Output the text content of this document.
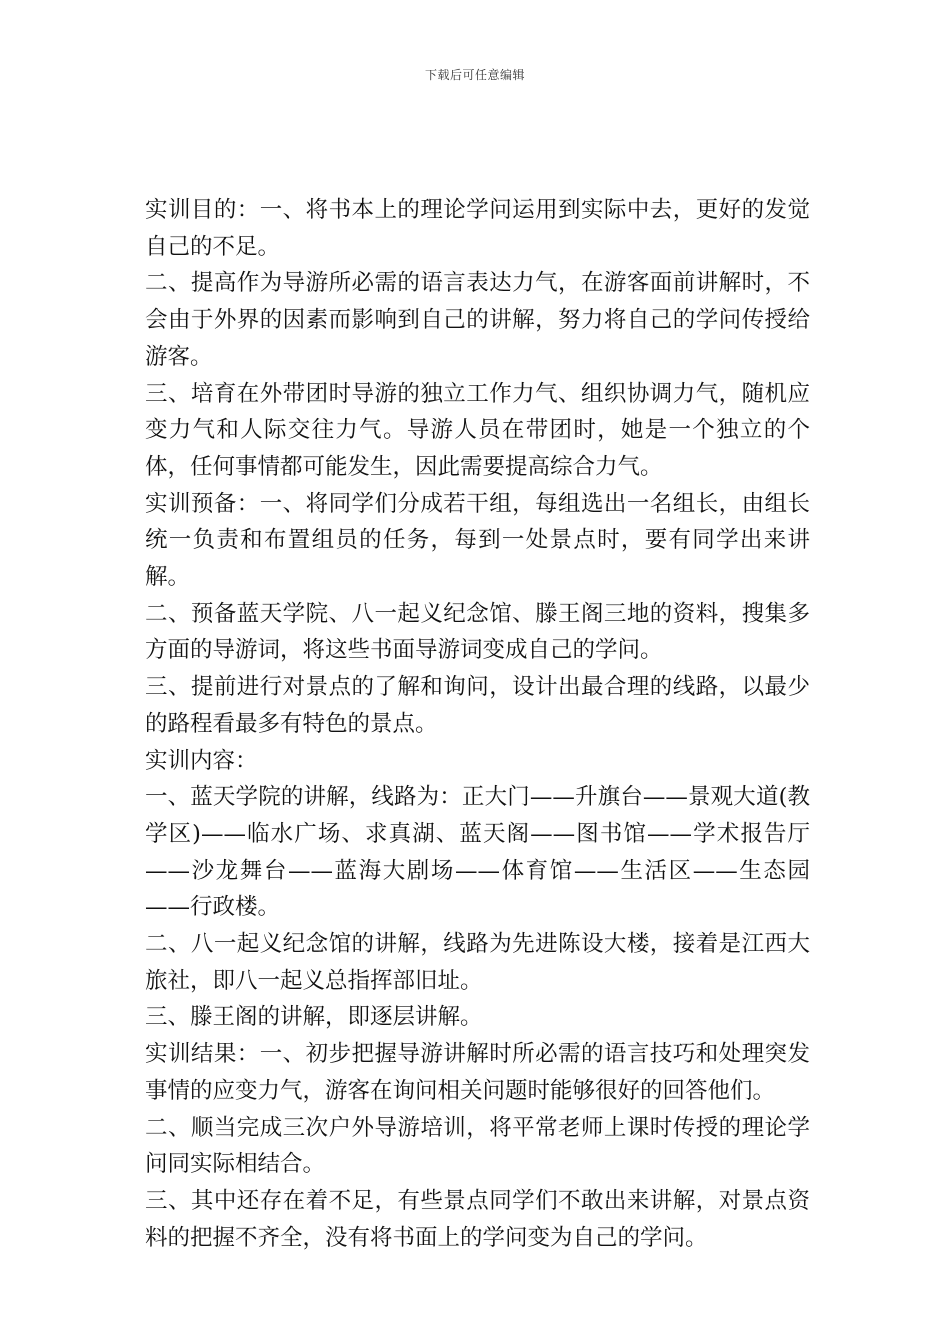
下载后可任意编辑

实训目的：一、将书本上的理论学问运用到实际中去，更好的发觉自己的不足。

二、提高作为导游所必需的语言表达力气，在游客面前讲解时，不会由于外界的因素而影响到自己的讲解，努力将自己的学问传授给游客。

三、培育在外带团时导游的独立工作力气、组织协调力气，随机应变力气和人际交往力气。导游人员在带团时，她是一个独立的个体，任何事情都可能发生，因此需要提高综合力气。

实训预备：一、将同学们分成若干组，每组选出一名组长，由组长统一负责和布置组员的任务，每到一处景点时，要有同学出来讲解。

二、预备蓝天学院、八一起义纪念馆、滕王阁三地的资料，搜集多方面的导游词，将这些书面导游词变成自己的学问。

三、提前进行对景点的了解和询问，设计出最合理的线路，以最少的路程看最多有特色的景点。

实训内容：

一、蓝天学院的讲解，线路为：正大门——升旗台——景观大道(教学区)——临水广场、求真湖、蓝天阁——图书馆——学术报告厅——沙龙舞台——蓝海大剧场——体育馆——生活区——生态园——行政楼。

二、八一起义纪念馆的讲解，线路为先进陈设大楼，接着是江西大旅社，即八一起义总指挥部旧址。

三、滕王阁的讲解，即逐层讲解。

实训结果：一、初步把握导游讲解时所必需的语言技巧和处理突发事情的应变力气，游客在询问相关问题时能够很好的回答他们。

二、顺当完成三次户外导游培训，将平常老师上课时传授的理论学问同实际相结合。

三、其中还存在着不足，有些景点同学们不敢出来讲解，对景点资料的把握不齐全，没有将书面上的学问变为自己的学问。
